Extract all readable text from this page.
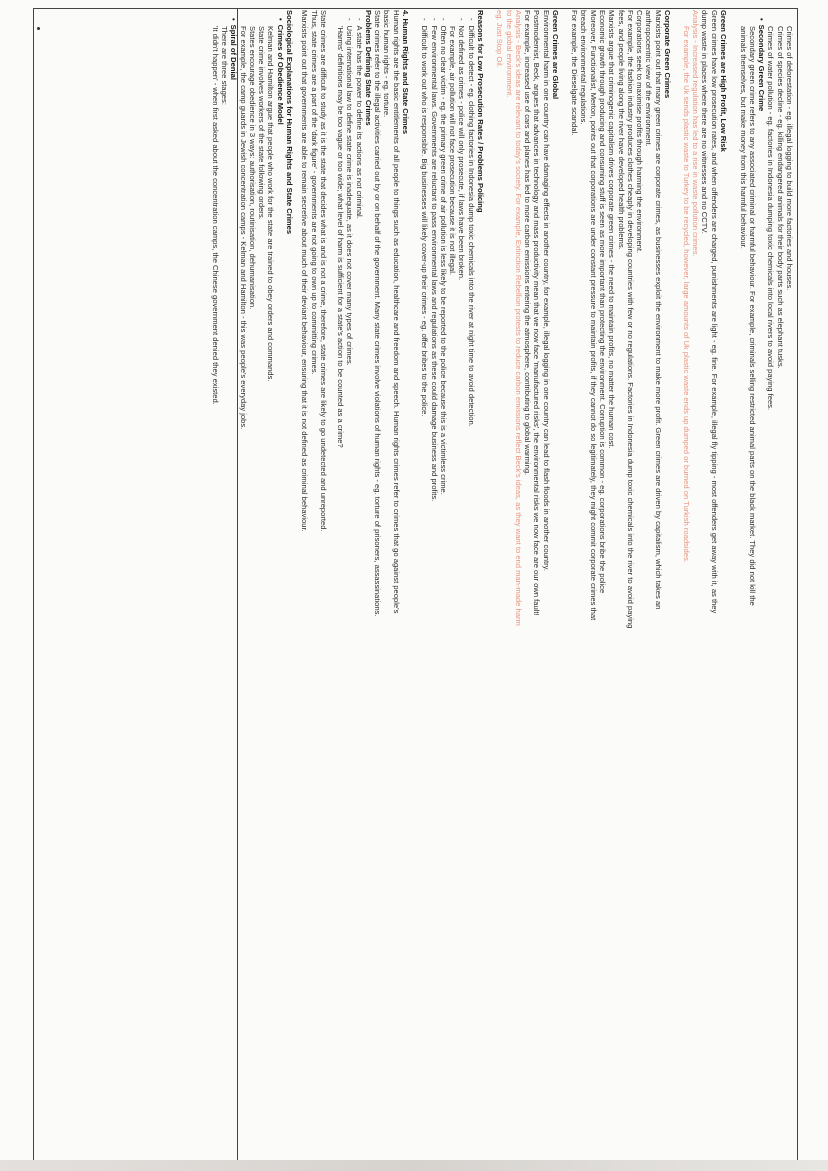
Crimes of deforestation - eg. illegal logging to build more factories and houses.
Crimes of species decline - eg. killing endangered animals for their body parts such as elephant tusks.
Crimes of water pollution - eg. factories in Indonesia dumping toxic chemicals into local rivers to avoid paying fees.
• Secondary Green Crime
Secondary green crime refers to any associated criminal or harmful behaviour. For example, criminals selling restricted animal parts on the black market. They did not kill the
animals themselves, but make money from this harmful behaviour.
Green Crimes are High Profit, Low Risk
Green crimes have low prosecution rates, and when offenders are charged, punishments are light - eg. fine. For example, illegal fly tipping - most offenders get away with it, as they
dump waste in places where there are no witnesses and no CCTV.
Analysis - Increased regulation has led to a rise in waste pollution crimes.
For example, the Uk sends plastic waste to Turkey to be recycled, however, large amounts of Uk plastic waste ends up dumped or burned on Turkish roadsides.
Corporate Green Crimes
Marxists point out that many green crimes are corporate crimes, as businesses exploit the environment to make more profit. Green crimes are driven by capitalism, which takes an
anthropocentric view of the environment.
Corporations seek to maximise profits through harming the environment.
For example, the fashion industry produces clothes cheaply in developing countries with few or no regulations. Factories in Indonesia dump toxic chemicals into the river to avoid paying
fees, and people living along the river have developed health problems.
Marxists argue that criminogenic capitalism drives corporate green crimes - the need to maintain profits, no matter the human cost.
Economic growth through producing and consuming stuff is seen as more important than protecting the environment. Corruption is common - eg. corporations bribe the police
Moreover, Functionalist, Merton, points out that corporations are under constant pressure to maintain profits, if they cannot do so legitimately, they might commit corporate crimes that
breach environmental regulations.
For example, the Dieselgate scandal.
Green Crimes are Global
Environmental harm in one country can have damaging effects in another country, for example, illegal logging in one country can lead to flash floods in another country.
Postmodernist, Beck, argues that advances in technology and mass productivity mean that we now face 'manufactured risks', the environmental risks we now face are our own fault!
For example, increased use of cars and planes has led to more carbon emissions entering the atmosphere, contributing to global warming.
Analysis - Beck's ideas are relevant to today's society. For example, Extinction Rebellion protests to reduce carbon emissions reflect Beck's ideas, as they want to end man-made harm
to the global environment.
eg. Just Stop Oil.
Reasons for Low Prosecution Rates / Problems Policing
- Difficult to detect - eg. clothing factories in Indonesia dump toxic chemicals into the river at night time to avoid detection.
- Not defined as crimes - police will only prosecute, if laws have been broken.
For example, air pollution will not face prosecution because it is not illegal.
- Often no clear victim - eg. the primary green crime of air pollution is less likely to be reported to the police because this is a victimless crime.
- Few environmental laws. Governments are reluctant to pass environmental laws and regulations as these could damage business and profits.
- Difficult to work out who is responsible. Big businesses will likely cover-up their crimes - eg. offer bribes to the police.
4. Human Rights and State Crimes
Human rights are the basic entitlements of all people to things such as education, healthcare and freedom and speech. Human rights crimes refer to crimes that go against people's
basic human rights - eg. torture.
State crimes refer to the illegal activities carried out by or on behalf of the government. Many state crimes involve violations of human rights - eg. torture of prisoners, assassinations.
Problems Defining State Crimes
- A state has the power to define its actions as not criminal.
- Using international law to define state crime is inadequate, as it does not cover many types of crimes.
'Harms' definitions may be too vague or too wide; what level of harm is sufficient for a state's action to be counted as a crime?
State crimes are difficult to study as it is the state that decides what is and is not a crime, therefore, state crimes are likely to go undetected and unreported.
Thus, state crimes are a part of the 'dark figure' - governments are not going to own up to committing crimes.
Marxists point out that governments are able to remain secretive about much of their deviant behaviour, ensuring that it is not defined as criminal behaviour.
Sociological Explanations for Human Rights and State Crimes
• Crimes of Obedience Model
Kelman and Hamilton argue that people who work for the state are trained to obey orders and commands.
State crime involves workers of the state following orders.
States encourage obedience in 3 ways: authorisation, routinisation, dehumanisation.
For example, the camp guards in Jewish concentration camps - Kelman and Hamilton - this was people's everyday jobs.
• Spiral of Denial
There are three stages:
'It didn't happen' - when first asked about the concentration camps, the Chinese government denied they existed.
